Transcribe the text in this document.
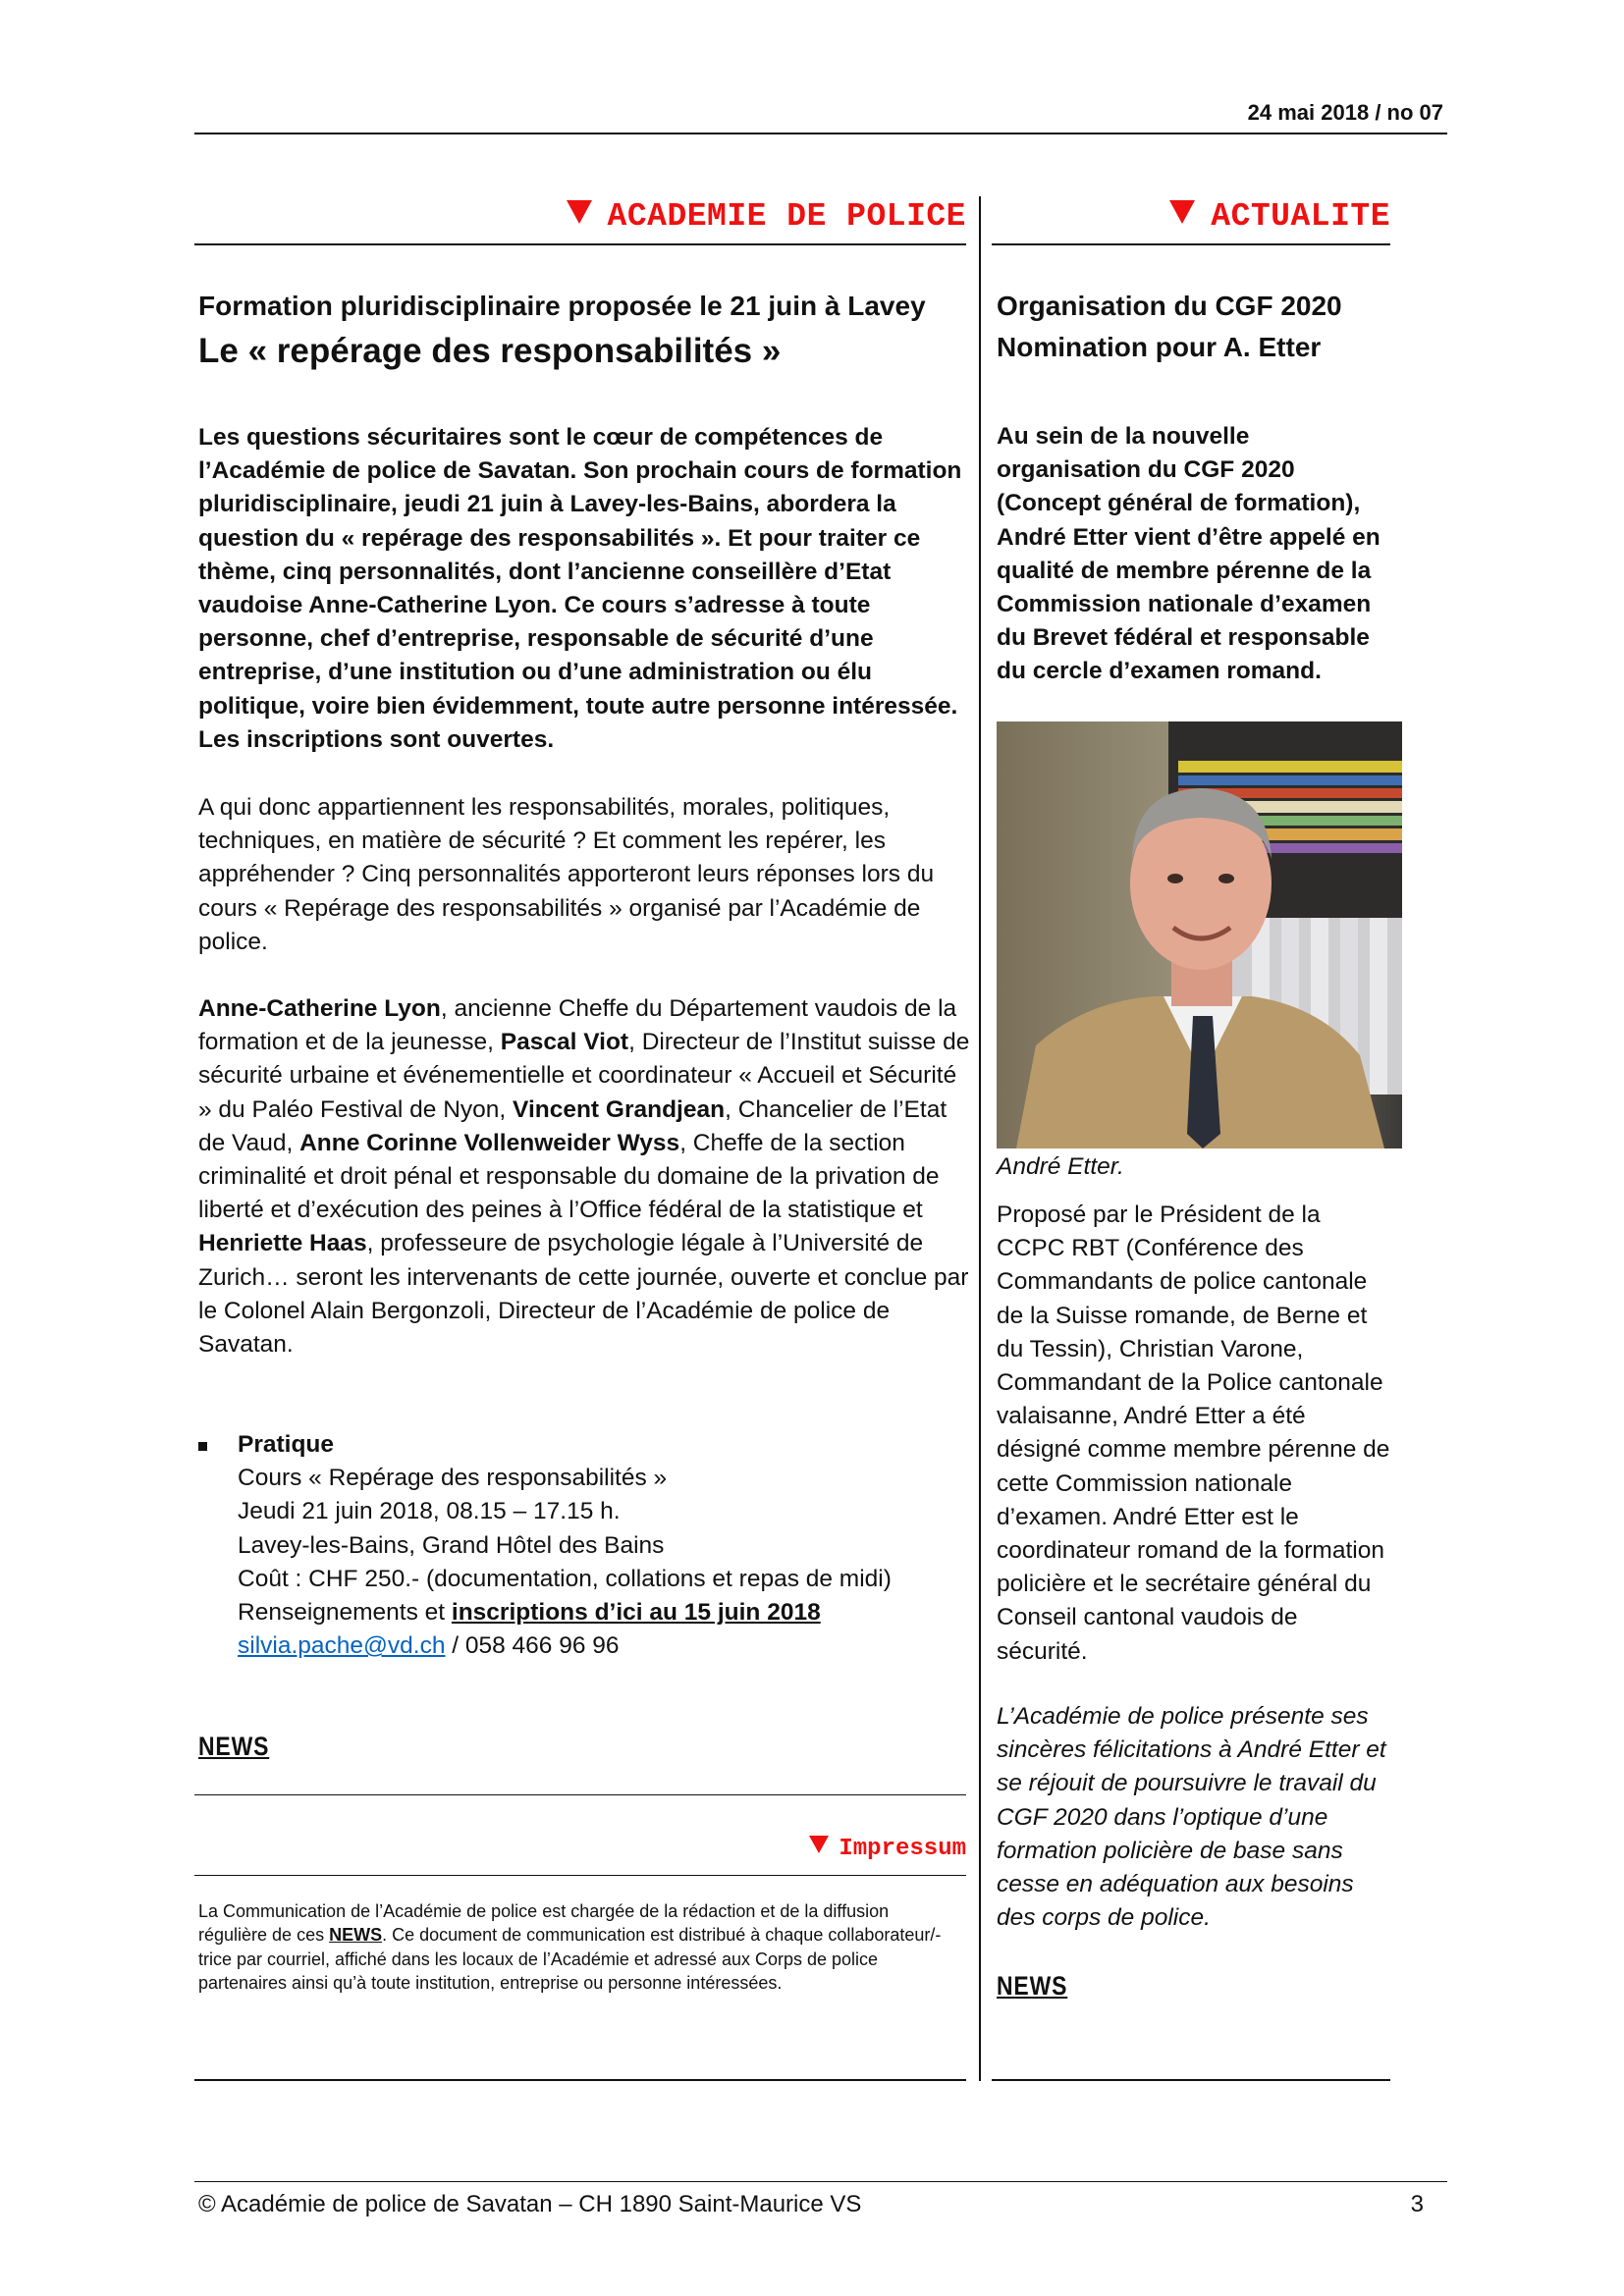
24 mai 2018 / no 07
ACADEMIE DE POLICE	ACTUALITE
Formation pluridisciplinaire proposée le 21 juin à Lavey
Le « repérage des responsabilités »
Les questions sécuritaires sont le cœur de compétences de l’Académie de police de Savatan. Son prochain cours de formation pluridisciplinaire, jeudi 21 juin à Lavey-les-Bains, abordera la question du « repérage des responsabilités ». Et pour traiter ce thème, cinq personnalités, dont l’ancienne conseillère d’Etat vaudoise Anne-Catherine Lyon. Ce cours s’adresse à toute personne, chef d’entreprise, responsable de sécurité d’une entreprise, d’une institution ou d’une administration ou élu politique, voire bien évidemment, toute autre personne intéressée. Les inscriptions sont ouvertes.
A qui donc appartiennent les responsabilités, morales, politiques, techniques, en matière de sécurité ? Et comment les repérer, les appréhender ? Cinq personnalités apporteront leurs réponses lors du cours « Repérage des responsabilités » organisé par l’Académie de police.
Anne-Catherine Lyon, ancienne Cheffe du Département vaudois de la formation et de la jeunesse, Pascal Viot, Directeur de l’Institut suisse de sécurité urbaine et événementielle et coordinateur « Accueil et Sécurité » du Paléo Festival de Nyon, Vincent Grandjean, Chancelier de l’Etat de Vaud, Anne Corinne Vollenweider Wyss, Cheffe de la section criminalité et droit pénal et responsable du domaine de la privation de liberté et d’exécution des peines à l’Office fédéral de la statistique et Henriette Haas, professeure de psychologie légale à l’Université de Zurich… seront les intervenants de cette journée, ouverte et conclue par le Colonel Alain Bergonzoli, Directeur de l’Académie de police de Savatan.
Pratique
Cours « Repérage des responsabilités »
Jeudi 21 juin 2018, 08.15 – 17.15 h.
Lavey-les-Bains, Grand Hôtel des Bains
Coût : CHF 250.- (documentation, collations et repas de midi)
Renseignements et inscriptions d’ici au 15 juin 2018
silvia.pache@vd.ch / 058 466 96 96
NEWS
Impressum
La Communication de l’Académie de police est chargée de la rédaction et de la diffusion régulière de ces NEWS. Ce document de communication est distribué à chaque collaborateur/-trice par courriel, affiché dans les locaux de l’Académie et adressé aux Corps de police partenaires ainsi qu’à toute institution, entreprise ou personne intéressées.
Organisation du CGF 2020
Nomination pour A. Etter
Au sein de la nouvelle organisation du CGF 2020 (Concept général de formation), André Etter vient d’être appelé en qualité de membre pérenne de la Commission nationale d’examen du Brevet fédéral et responsable du cercle d’examen romand.
André Etter.
Proposé par le Président de la CCPC RBT (Conférence des Commandants de police cantonale de la Suisse romande, de Berne et du Tessin), Christian Varone, Commandant de la Police cantonale valaisanne, André Etter a été désigné comme membre pérenne de cette Commission nationale d’examen. André Etter est le coordinateur romand de la formation policière et le secrétaire général du Conseil cantonal vaudois de sécurité.
L’Académie de police présente ses sincères félicitations à André Etter et se réjouit de poursuivre le travail du CGF 2020 dans l’optique d’une formation policière de base sans cesse en adéquation aux besoins des corps de police.
NEWS
© Académie de police de Savatan – CH 1890 Saint-Maurice VS	3
